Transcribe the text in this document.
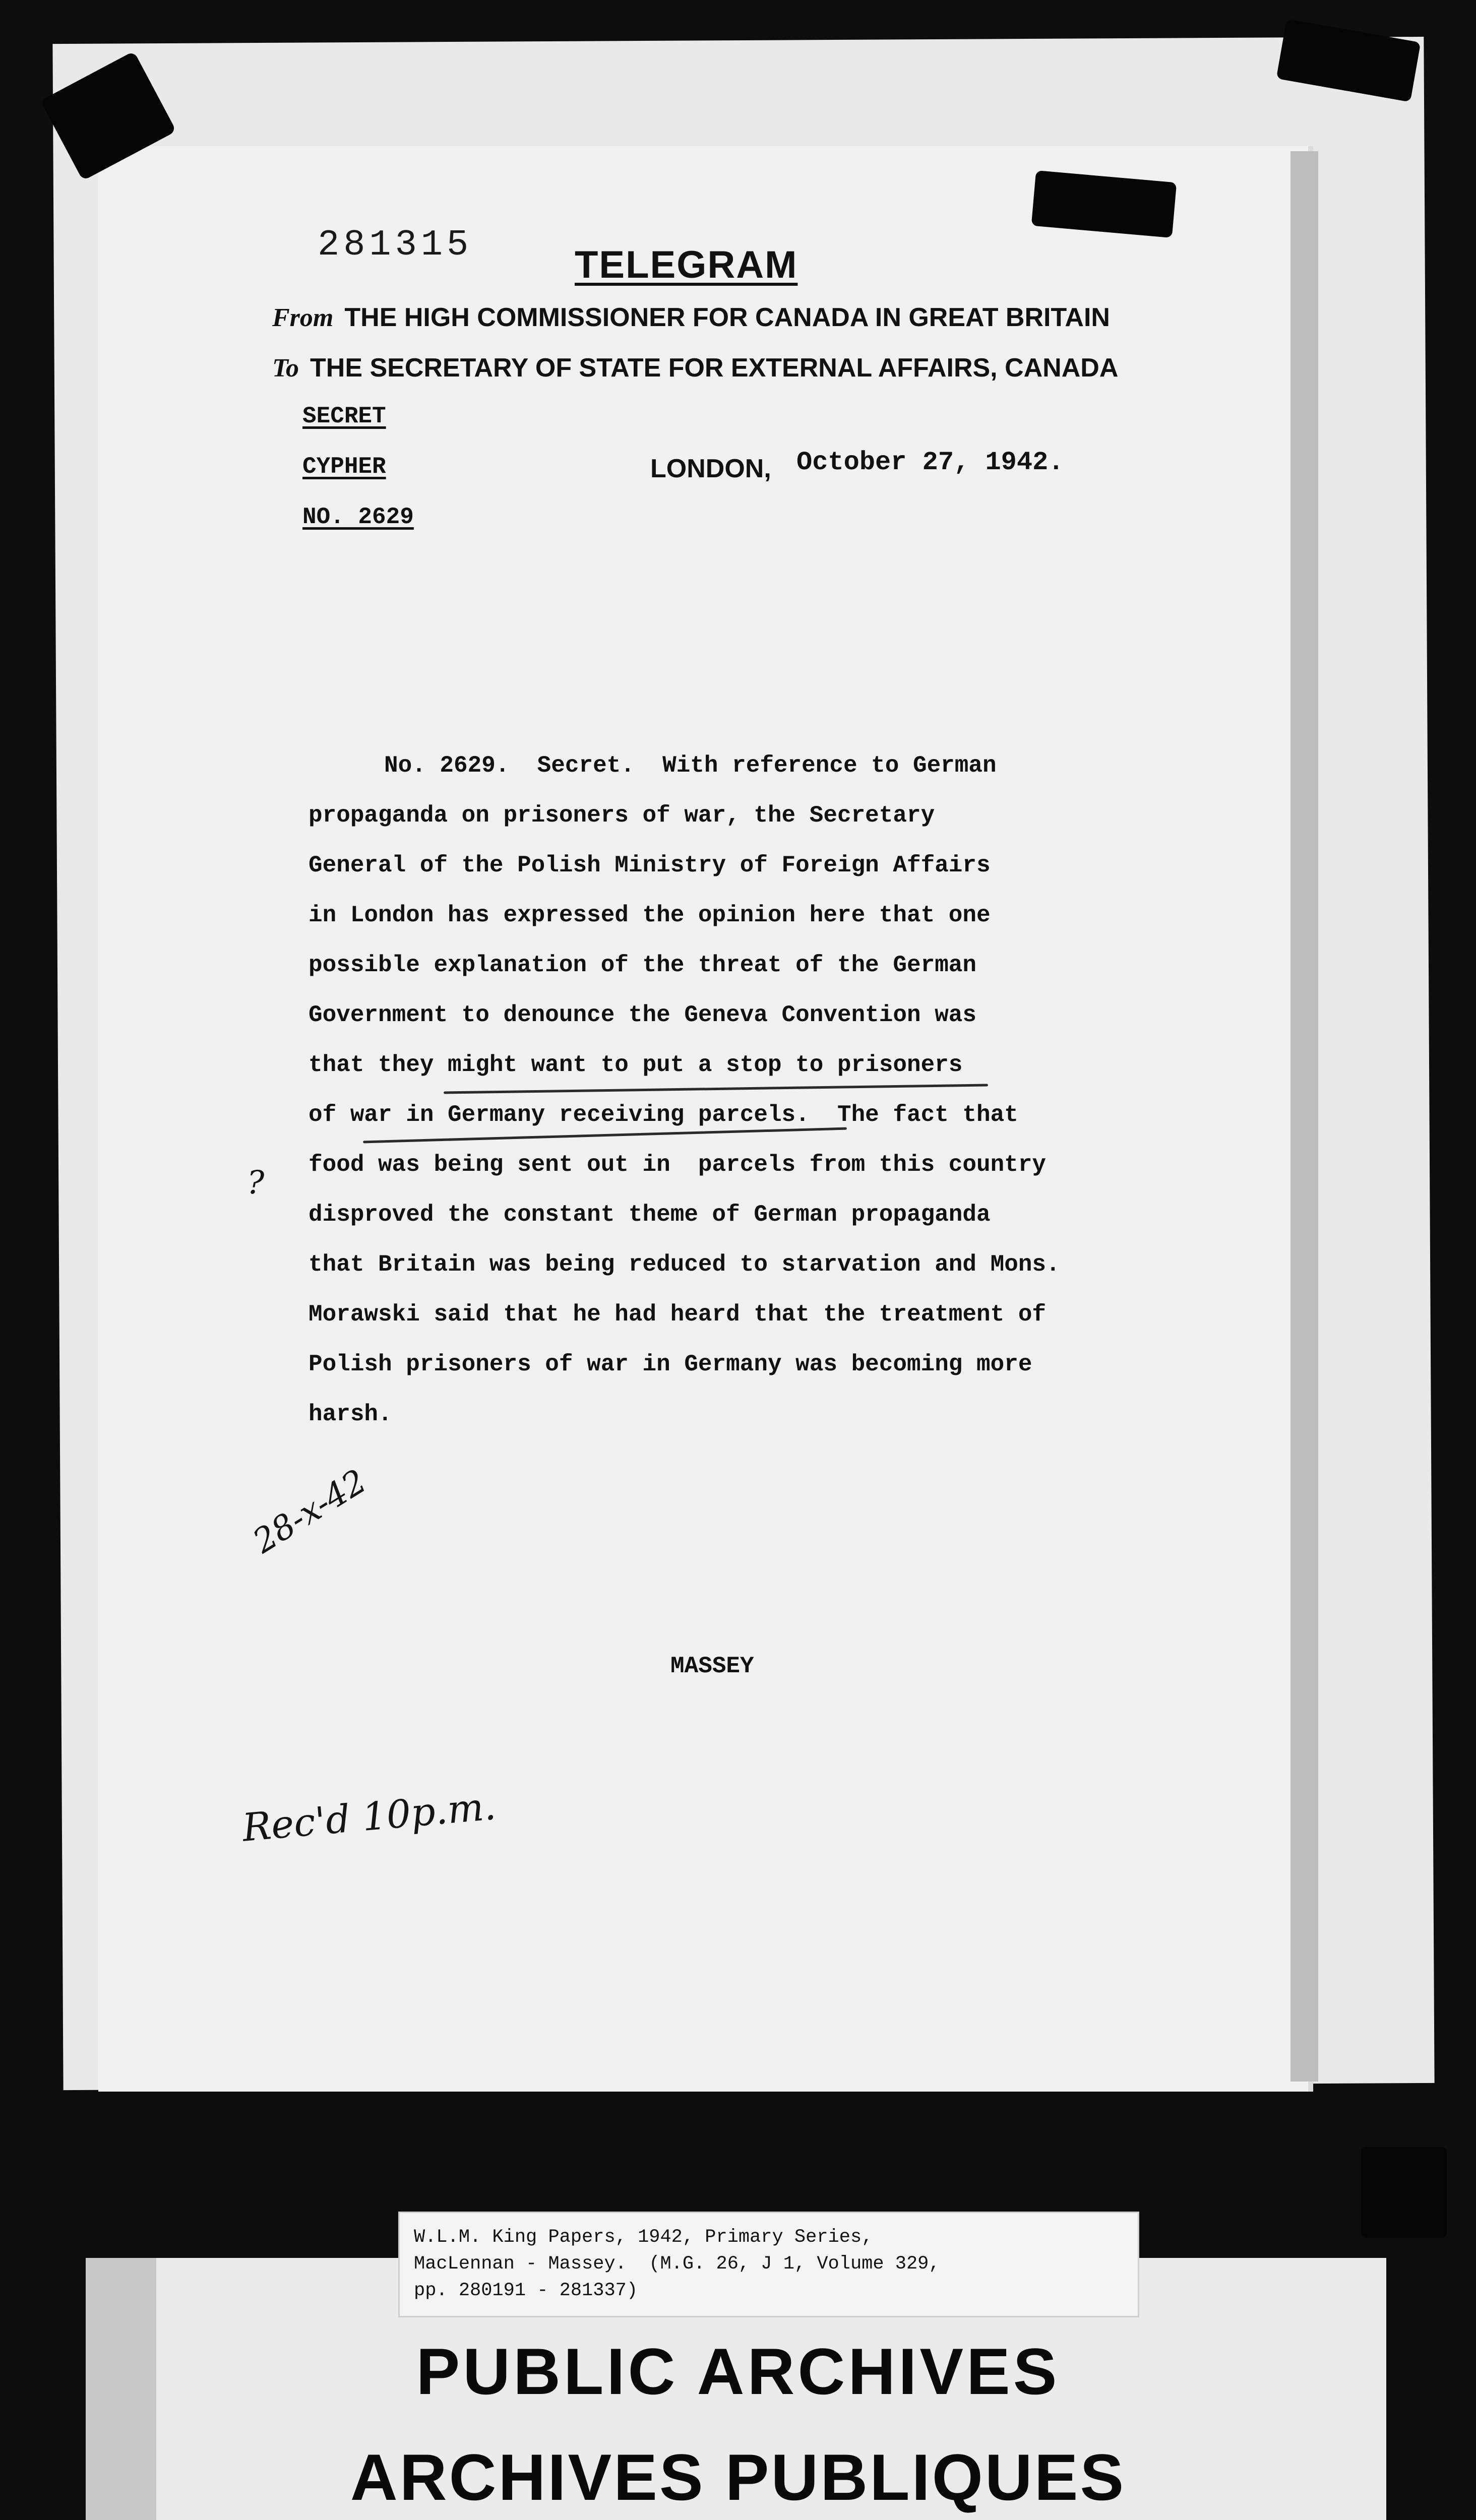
281315	TELEGRAM
From THE HIGH COMMISSIONER FOR CANADA IN GREAT BRITAIN
To THE SECRETARY OF STATE FOR EXTERNAL AFFAIRS, CANADA
SECRET
CYPHER
NO. 2629
LONDON, October 27, 1942.
No. 2629.  Secret.  With reference to German
propaganda on prisoners of war, the Secretary
General of the Polish Ministry of Foreign Affairs
in London has expressed the opinion here that one
possible explanation of the threat of the German
Government to denounce the Geneva Convention was
that they might want to put a stop to prisoners
of war in Germany receiving parcels.  The fact that
food was being sent out in  parcels from this country
disproved the constant theme of German propaganda
that Britain was being reduced to starvation and Mons.
Morawski said that he had heard that the treatment of
Polish prisoners of war in Germany was becoming more
harsh.
?
28-x-42
MASSEY
Rec'd 10p.m.
W.L.M. King Papers, 1942, Primary Series,
MacLennan - Massey.  (M.G. 26, J 1, Volume 329,
pp. 280191 - 281337)
PUBLIC ARCHIVES
ARCHIVES PUBLIQUES
